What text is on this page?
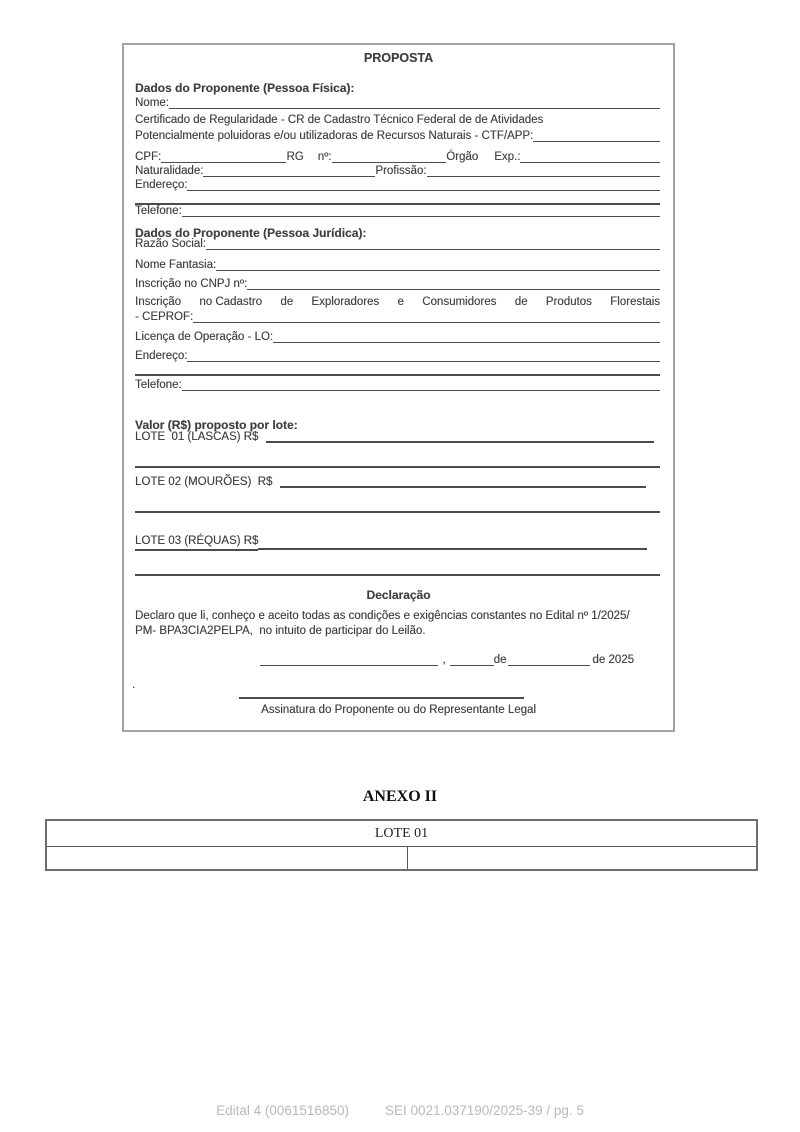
PROPOSTA
Dados do Proponente (Pessoa Física):
Nome:
Certificado de Regularidade - CR de Cadastro Técnico Federal de de Atividades
Potencialmente poluidoras e/ou utilizadoras de Recursos Naturais - CTF/APP:
CPF:	RG nº:	Órgão Exp.:
Naturalidade:	Profissão:
Endereço:
Telefone:
Dados do Proponente (Pessoa Jurídica):
Razão Social:
Nome Fantasia:
Inscrição no CNPJ nº:
Inscrição no Cadastro de Exploradores e Consumidores de Produtos Florestais
- CEPROF:
Licença de Operação - LO:
Endereço:
Telefone:
Valor (R$) proposto por lote:
LOTE  01 (LASCAS) R$
LOTE 02 (MOURÕES)  R$
LOTE 03 (RÉQUAS) R$
Declaração
Declaro que li, conheço e aceito todas as condições e exigências constantes no Edital nº 1/2025/
PM- BPA3CIA2PELPA,  no intuito de participar do Leilão.
,	de	de 2025
.
Assinatura do Proponente ou do Representante Legal
ANEXO II
LOTE 01

Edital 4 (0061516850)	SEI 0021.037190/2025-39 / pg. 5
